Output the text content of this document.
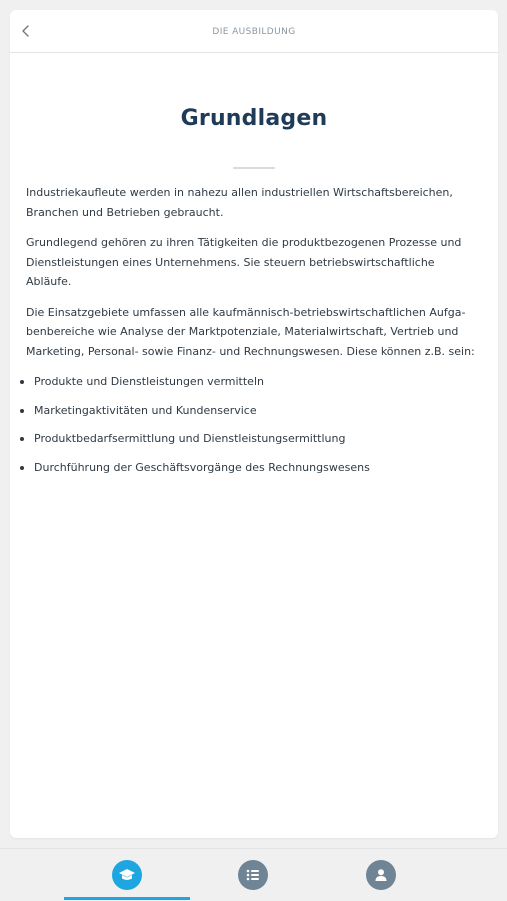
DIE AUSBILDUNG
Grundlagen

Industriekaufleute werden in nahezu allen industriellen Wirtschaftsbereichen, Branchen und Betrieben gebraucht.

Grundlegend gehören zu ihren Tätigkeiten die produktbezogenen Prozesse und Dienstleistungen eines Unternehmens. Sie steuern betriebswirtschaftliche Abläufe.

Die Einsatzgebiete umfassen alle kaufmännisch-betriebswirtschaftlichen Aufgabenbereiche wie Analyse der Marktpotenziale, Materialwirtschaft, Vertrieb und Marketing, Personal- sowie Finanz- und Rechnungswesen. Diese können z.B. sein:

Produkte und Dienstleistungen vermitteln
Marketingaktivitäten und Kundenservice
Produktbedarfsermittlung und Dienstleistungsermittlung
Durchführung der Geschäftsvorgänge des Rechnungswesens
